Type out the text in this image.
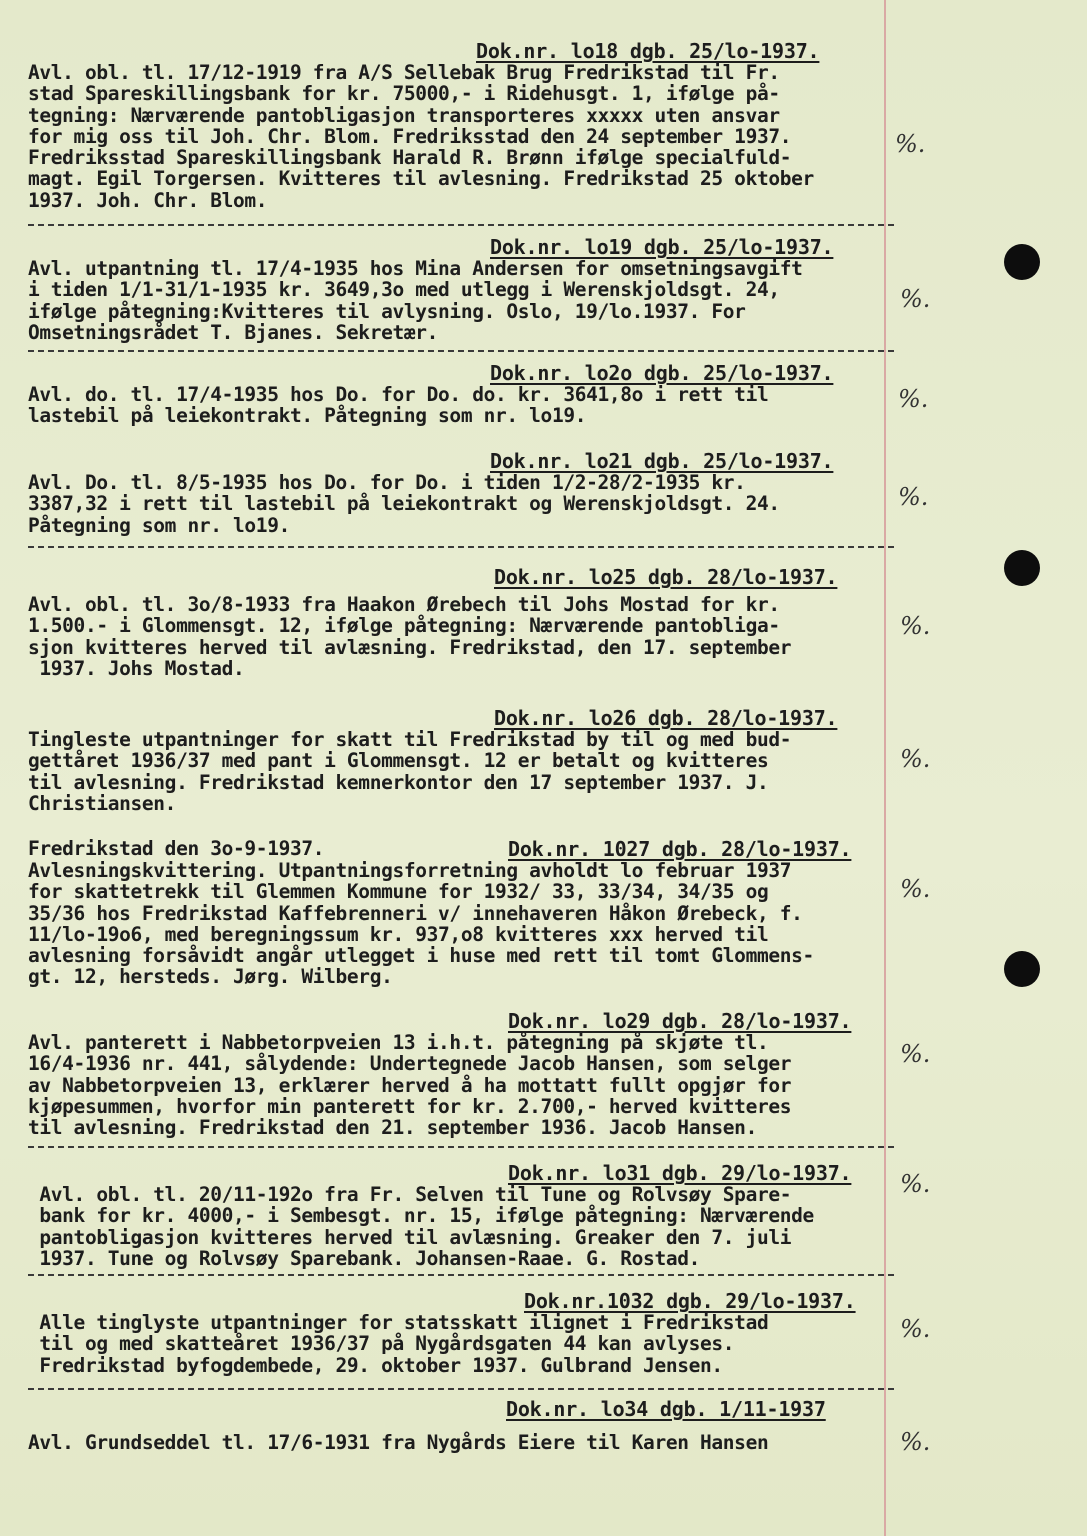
Dok.nr. lo18 dgb. 25/lo-1937.
Avl. obl. tl. 17/12-1919 fra A/S Sellebak Brug Fredrikstad til Fr.
stad Spareskillingsbank for kr. 75000,- i Ridehusgt. 1, ifølge på-
tegning: Nærværende pantobligasjon transporteres xxxxx uten ansvar
for mig oss til Joh. Chr. Blom. Fredriksstad den 24 september 1937.
Fredriksstad Spareskillingsbank Harald R. Brønn ifølge specialfuld-
magt. Egil Torgersen. Kvitteres til avlesning. Fredrikstad 25 oktober
1937. Joh. Chr. Blom.
%.
Dok.nr. lo19 dgb. 25/lo-1937.
Avl. utpantning tl. 17/4-1935 hos Mina Andersen for omsetningsavgift
i tiden 1/1-31/1-1935 kr. 3649,3o med utlegg i Werenskjoldsgt. 24,
ifølge påtegning:Kvitteres til avlysning. Oslo, 19/lo.1937. For
Omsetningsrådet T. Bjanes. Sekretær.
%.
Dok.nr. lo2o dgb. 25/lo-1937.
Avl. do. tl. 17/4-1935 hos Do. for Do. do. kr. 3641,8o i rett til
lastebil på leiekontrakt. Påtegning som nr. lo19.
%.
Dok.nr. lo21 dgb. 25/lo-1937.
Avl. Do. tl. 8/5-1935 hos Do. for Do. i tiden 1/2-28/2-1935 kr.
3387,32 i rett til lastebil på leiekontrakt og Werenskjoldsgt. 24.
Påtegning som nr. lo19.
%.
Dok.nr. lo25 dgb. 28/lo-1937.
Avl. obl. tl. 3o/8-1933 fra Haakon Ørebech til Johs Mostad for kr.
1.500.- i Glommensgt. 12, ifølge påtegning: Nærværende pantobliga-
sjon kvitteres herved til avlæsning. Fredrikstad, den 17. september
1937. Johs Mostad.
%.
Dok.nr. lo26 dgb. 28/lo-1937.
Tingleste utpantninger for skatt til Fredrikstad by til og med bud-
gettåret 1936/37 med pant i Glommensgt. 12 er betalt og kvitteres
til avlesning. Fredrikstad kemnerkontor den 17 september 1937. J.
Christiansen.
%.
Fredrikstad den 3o-9-1937.	Dok.nr. 1027 dgb. 28/lo-1937.
Avlesningskvittering. Utpantningsforretning avholdt lo februar 1937
for skattetrekk til Glemmen Kommune for 1932/ 33, 33/34, 34/35 og
35/36 hos Fredrikstad Kaffebrenneri v/ innehaveren Håkon Ørebeck, f.
11/lo-19o6, med beregningssum kr. 937,o8 kvitteres xxx herved til
avlesning forsåvidt angår utlegget i huse med rett til tomt Glommens-
gt. 12, hersteds. Jørg. Wilberg.
%.
Dok.nr. lo29 dgb. 28/lo-1937.
Avl. panterett i Nabbetorpveien 13 i.h.t. påtegning på skjøte tl.
16/4-1936 nr. 441, sålydende: Undertegnede Jacob Hansen, som selger
av Nabbetorpveien 13, erklærer herved å ha mottatt fullt opgjør for
kjøpesummen, hvorfor min panterett for kr. 2.700,- herved kvitteres
til avlesning. Fredrikstad den 21. september 1936. Jacob Hansen.
%.
Dok.nr. lo31 dgb. 29/lo-1937.
Avl. obl. tl. 20/11-192o fra Fr. Selven til Tune og Rolvsøy Spare-
bank for kr. 4000,- i Sembesgt. nr. 15, ifølge påtegning: Nærværende
pantobligasjon kvitteres herved til avlæsning. Greaker den 7. juli
1937. Tune og Rolvsøy Sparebank. Johansen-Raae. G. Rostad.
%.
Dok.nr.1032 dgb. 29/lo-1937.
Alle tinglyste utpantninger for statsskatt ilignet i Fredrikstad
til og med skatteåret 1936/37 på Nygårdsgaten 44 kan avlyses.
Fredrikstad byfogdembede, 29. oktober 1937. Gulbrand Jensen.
%.
Dok.nr. lo34 dgb. 1/11-1937
Avl. Grundseddel tl. 17/6-1931 fra Nygårds Eiere til Karen Hansen	%.
